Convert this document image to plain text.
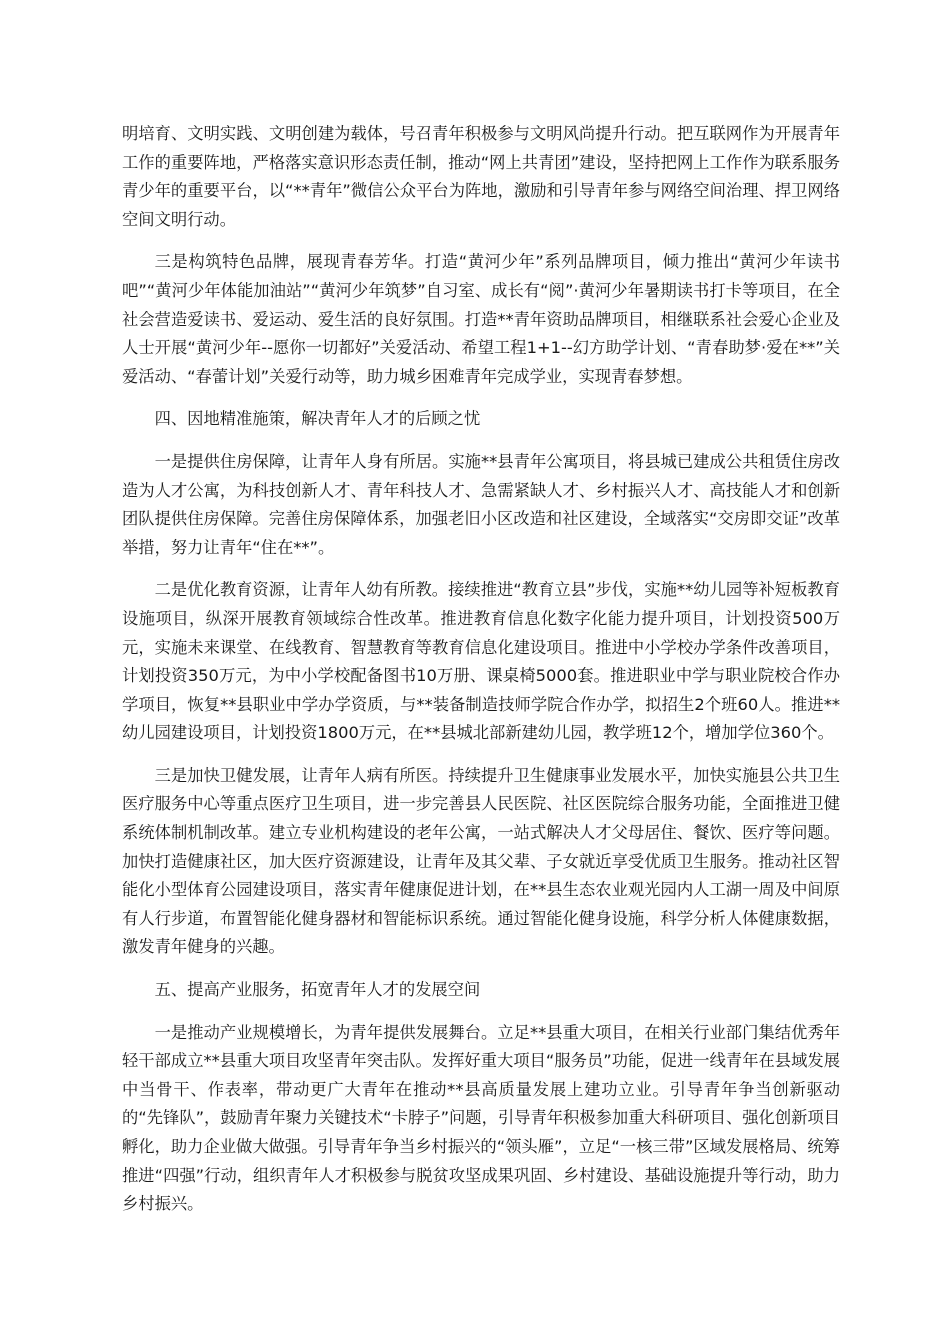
明培育、文明实践、文明创建为载体，号召青年积极参与文明风尚提升行动。把互联网作为开展青年工作的重要阵地，严格落实意识形态责任制，推动“网上共青团”建设，坚持把网上工作作为联系服务青少年的重要平台，以“**青年”微信公众平台为阵地，激励和引导青年参与网络空间治理、捍卫网络空间文明行动。

三是构筑特色品牌，展现青春芳华。打造“黄河少年”系列品牌项目，倾力推出“黄河少年读书吧”“黄河少年体能加油站”“黄河少年筑梦”自习室、成长有“阅”·黄河少年暑期读书打卡等项目，在全社会营造爱读书、爱运动、爱生活的良好氛围。打造**青年资助品牌项目，相继联系社会爱心企业及人士开展“黄河少年--愿你一切都好”关爱活动、希望工程1+1--幻方助学计划、“青春助梦·爱在**”关爱活动、“春蕾计划”关爱行动等，助力城乡困难青年完成学业，实现青春梦想。

四、因地精准施策，解决青年人才的后顾之忧

一是提供住房保障，让青年人身有所居。实施**县青年公寓项目，将县城已建成公共租赁住房改造为人才公寓，为科技创新人才、青年科技人才、急需紧缺人才、乡村振兴人才、高技能人才和创新团队提供住房保障。完善住房保障体系，加强老旧小区改造和社区建设，全域落实“交房即交证”改革举措，努力让青年“住在**”。

二是优化教育资源，让青年人幼有所教。接续推进“教育立县”步伐，实施**幼儿园等补短板教育设施项目，纵深开展教育领域综合性改革。推进教育信息化数字化能力提升项目，计划投资500万元，实施未来课堂、在线教育、智慧教育等教育信息化建设项目。推进中小学校办学条件改善项目，计划投资350万元，为中小学校配备图书10万册、课桌椅5000套。推进职业中学与职业院校合作办学项目，恢复**县职业中学办学资质，与**装备制造技师学院合作办学，拟招生2个班60人。推进**幼儿园建设项目，计划投资1800万元，在**县城北部新建幼儿园，教学班12个，增加学位360个。

三是加快卫健发展，让青年人病有所医。持续提升卫生健康事业发展水平，加快实施县公共卫生医疗服务中心等重点医疗卫生项目，进一步完善县人民医院、社区医院综合服务功能，全面推进卫健系统体制机制改革。建立专业机构建设的老年公寓，一站式解决人才父母居住、餐饮、医疗等问题。加快打造健康社区，加大医疗资源建设，让青年及其父辈、子女就近享受优质卫生服务。推动社区智能化小型体育公园建设项目，落实青年健康促进计划，在**县生态农业观光园内人工湖一周及中间原有人行步道，布置智能化健身器材和智能标识系统。通过智能化健身设施，科学分析人体健康数据，激发青年健身的兴趣。

五、提高产业服务，拓宽青年人才的发展空间

一是推动产业规模增长，为青年提供发展舞台。立足**县重大项目，在相关行业部门集结优秀年轻干部成立**县重大项目攻坚青年突击队。发挥好重大项目“服务员”功能，促进一线青年在县域发展中当骨干、作表率，带动更广大青年在推动**县高质量发展上建功立业。引导青年争当创新驱动的“先锋队”，鼓励青年聚力关键技术“卡脖子”问题，引导青年积极参加重大科研项目、强化创新项目孵化，助力企业做大做强。引导青年争当乡村振兴的“领头雁”，立足“一核三带”区域发展格局、统筹推进“四强”行动，组织青年人才积极参与脱贫攻坚成果巩固、乡村建设、基础设施提升等行动，助力乡村振兴。
